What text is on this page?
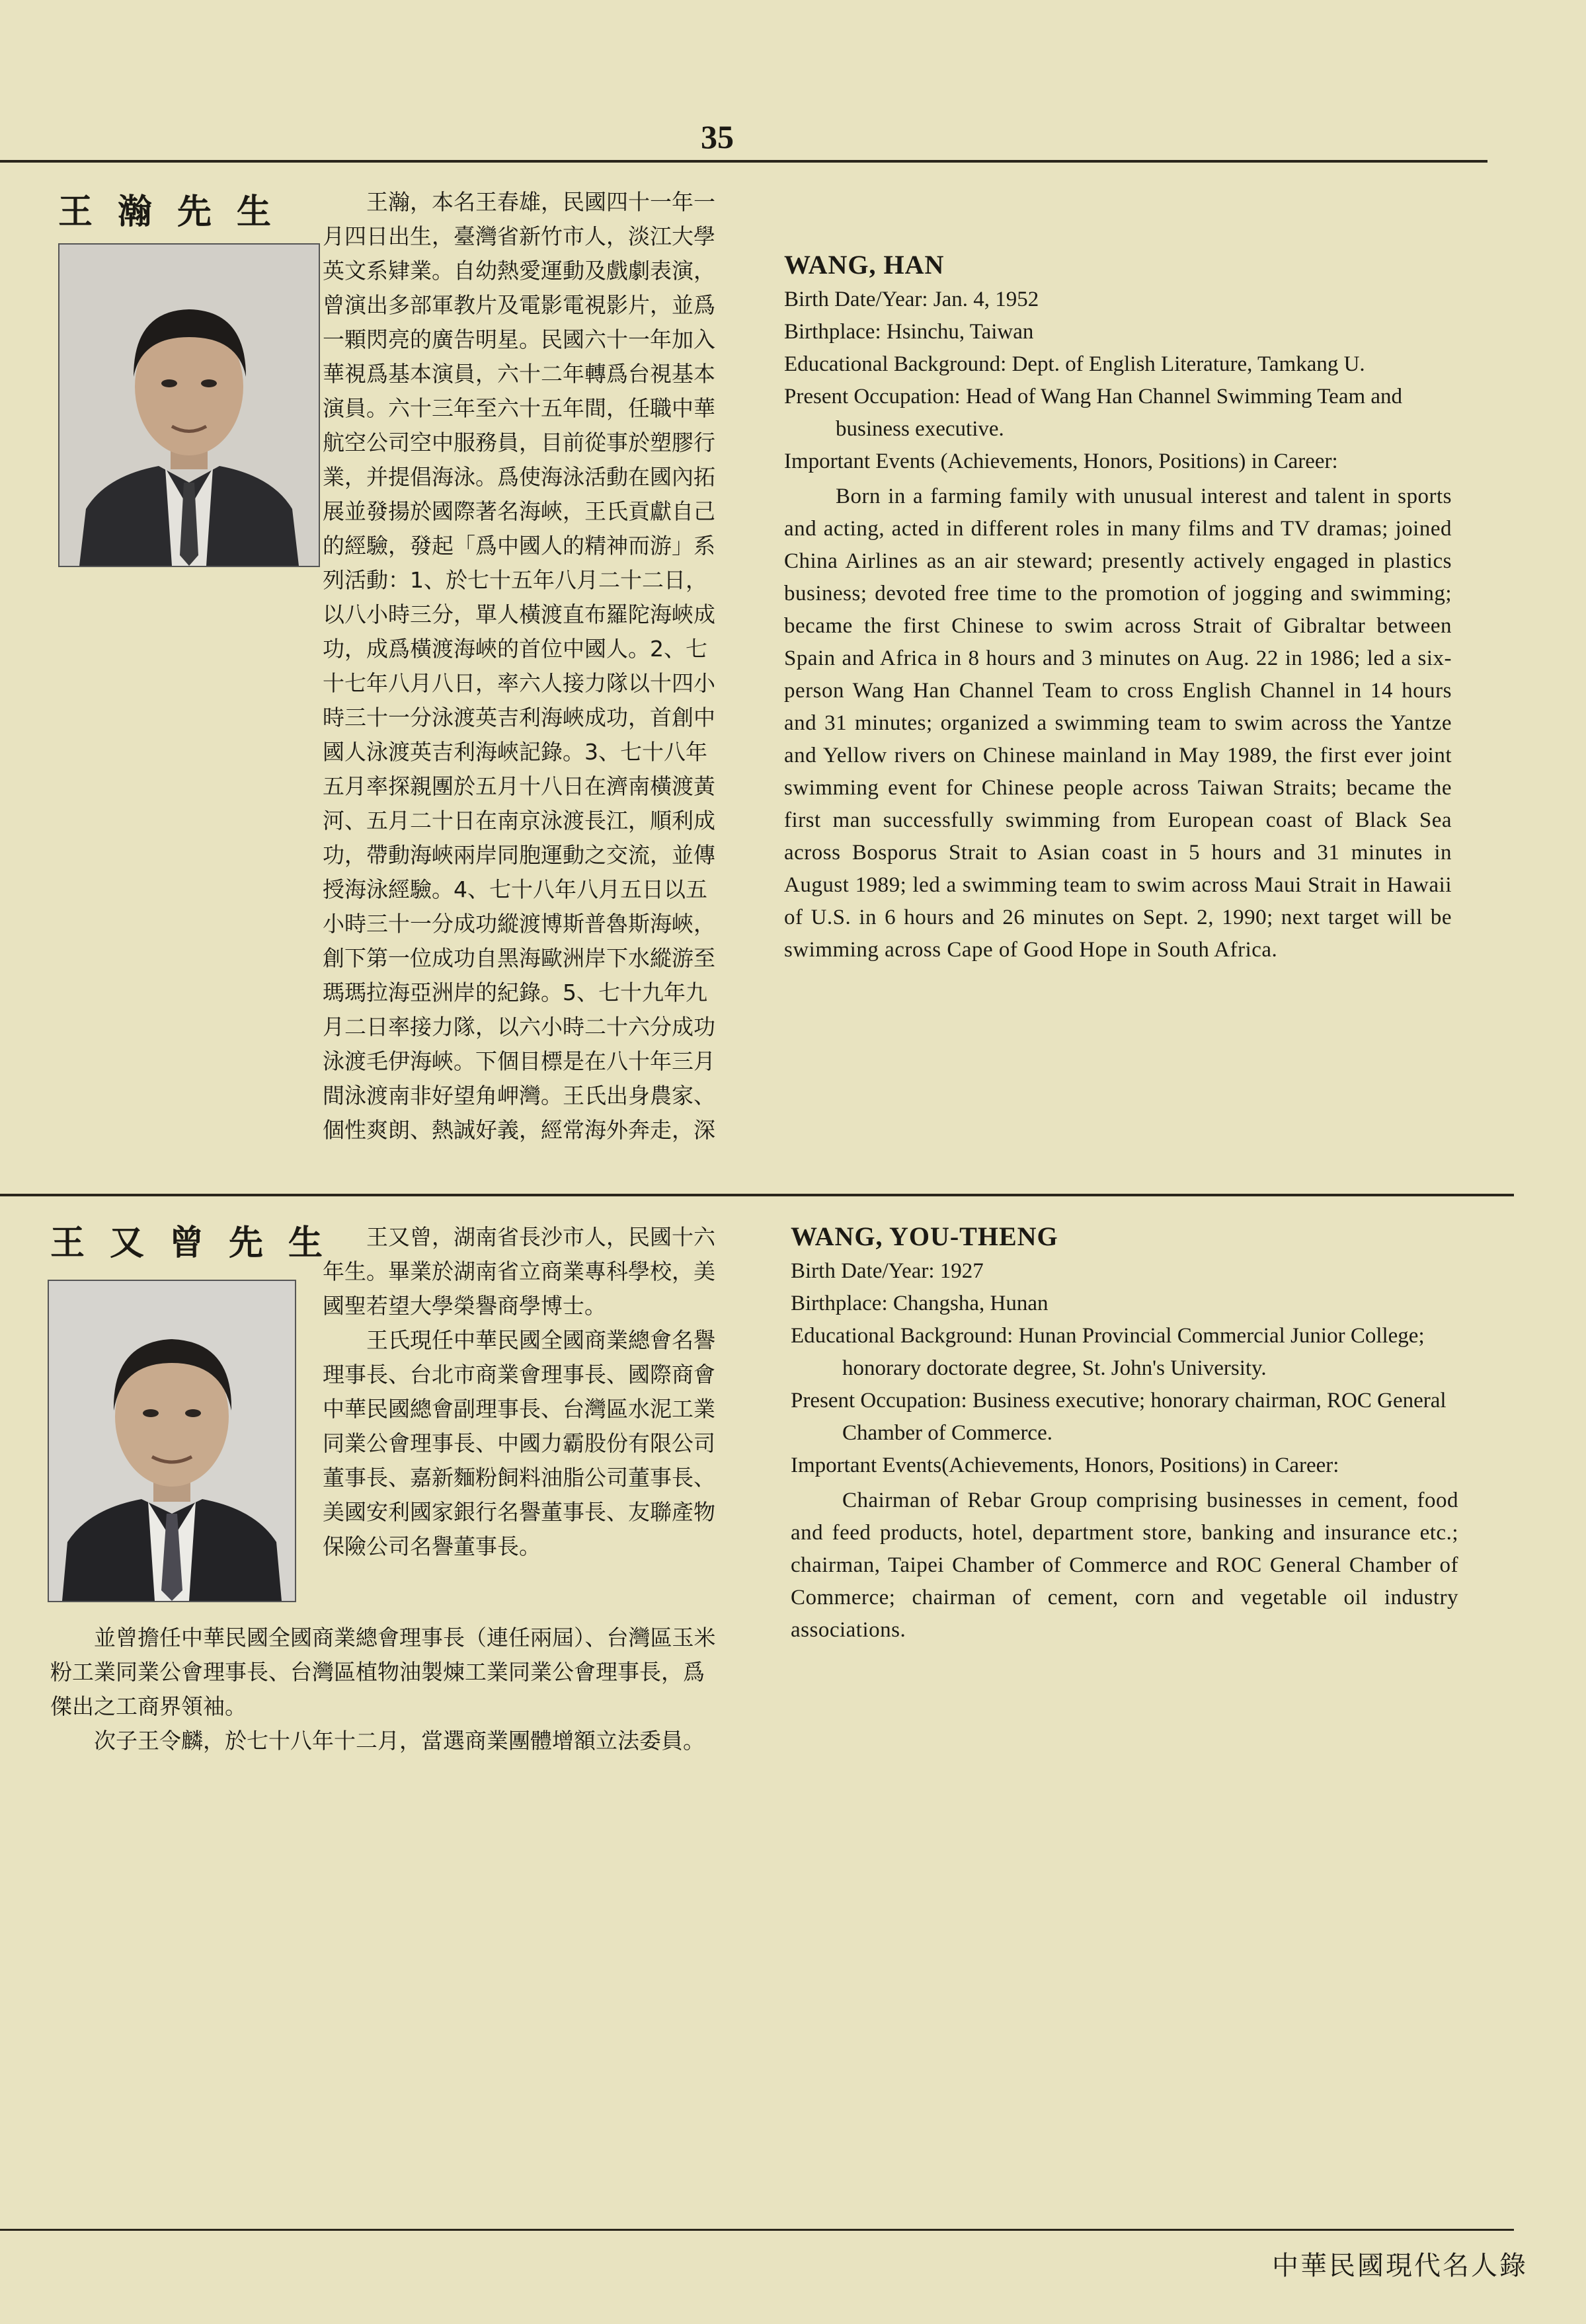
35
王瀚先生	王瀚，本名王春雄，民國四十一年一月四日出生，臺灣省新竹市人，淡江大學英文系肄業。自幼熱愛運動及戲劇表演，曾演出多部軍教片及電影電視影片，並爲一顆閃亮的廣告明星。民國六十一年加入華視爲基本演員，六十二年轉爲台視基本演員。六十三年至六十五年間，任職中華航空公司空中服務員，目前從事於塑膠行業，并提倡海泳。爲使海泳活動在國內拓展並發揚於國際著名海峽，王氏貢獻自己的經驗，發起「爲中國人的精神而游」系列活動：1、於七十五年八月二十二日，以八小時三分，單人橫渡直布羅陀海峽成功，成爲橫渡海峽的首位中國人。2、七十七年八月八日，率六人接力隊以十四小時三十一分泳渡英吉利海峽成功，首創中國人泳渡英吉利海峽記錄。3、七十八年五月率探親團於五月十八日在濟南橫渡黃河、五月二十日在南京泳渡長江，順利成功，帶動海峽兩岸同胞運動之交流，並傳授海泳經驗。4、七十八年八月五日以五小時三十一分成功縱渡博斯普魯斯海峽，創下第一位成功自黑海歐洲岸下水縱游至瑪瑪拉海亞洲岸的紀錄。5、七十九年九月二日率接力隊，以六小時二十六分成功泳渡毛伊海峽。下個目標是在八十年三月間泳渡南非好望角岬灣。王氏出身農家、個性爽朗、熱誠好義，經常海外奔走，深

WANG, HAN

Birth Date/Year: Jan. 4, 1952

Birthplace: Hsinchu, Taiwan

Educational Background: Dept. of English Literature, Tamkang U.

Present Occupation: Head of Wang Han Channel Swimming Team and business executive.

Important Events (Achievements, Honors, Positions) in Career:

Born in a farming family with unusual interest and talent in sports and acting, acted in different roles in many films and TV dramas; joined China Airlines as an air steward; presently actively engaged in plastics business; devoted free time to the promotion of jogging and swimming; became the first Chinese to swim across Strait of Gibraltar between Spain and Africa in 8 hours and 3 minutes on Aug. 22 in 1986; led a six-person Wang Han Channel Team to cross English Channel in 14 hours and 31 minutes; organized a swimming team to swim across the Yantze and Yellow rivers on Chinese mainland in May 1989, the first ever joint swimming event for Chinese people across Taiwan Straits; became the first man successfully swimming from European coast of Black Sea across Bosporus Strait to Asian coast in 5 hours and 31 minutes in August 1989; led a swimming team to swim across Maui Strait in Hawaii of U.S. in 6 hours and 26 minutes on Sept. 2, 1990; next target will be swimming across Cape of Good Hope in South Africa.

王又曾先生 王又曾，湖南省長沙市人，民國十六年生。畢業於湖南省立商業專科學校，美國聖若望大學榮譽商學博士。

王氏現任中華民國全國商業總會名譽理事長、台北市商業會理事長、國際商會中華民國總會副理事長、台灣區水泥工業同業公會理事長、中國力霸股份有限公司董事長、嘉新麵粉飼料油脂公司董事長、美國安利國家銀行名譽董事長、友聯產物保險公司名譽董事長。

並曾擔任中華民國全國商業總會理事長（連任兩屆）、台灣區玉米粉工業同業公會理事長、台灣區植物油製煉工業同業公會理事長，爲傑出之工商界領袖。

次子王令麟，於七十八年十二月，當選商業團體增額立法委員。

WANG, YOU-THENG

Birth Date/Year: 1927

Birthplace: Changsha, Hunan

Educational Background: Hunan Provincial Commercial Junior College; honorary doctorate degree, St. John's University.

Present Occupation: Business executive; honorary chairman, ROC General Chamber of Commerce.

Important Events(Achievements, Honors, Positions) in Career:

Chairman of Rebar Group comprising businesses in cement, food and feed products, hotel, department store, banking and insurance etc.; chairman, Taipei Chamber of Commerce and ROC General Chamber of Commerce; chairman of cement, corn and vegetable oil industry associations.

中華民國現代名人錄
